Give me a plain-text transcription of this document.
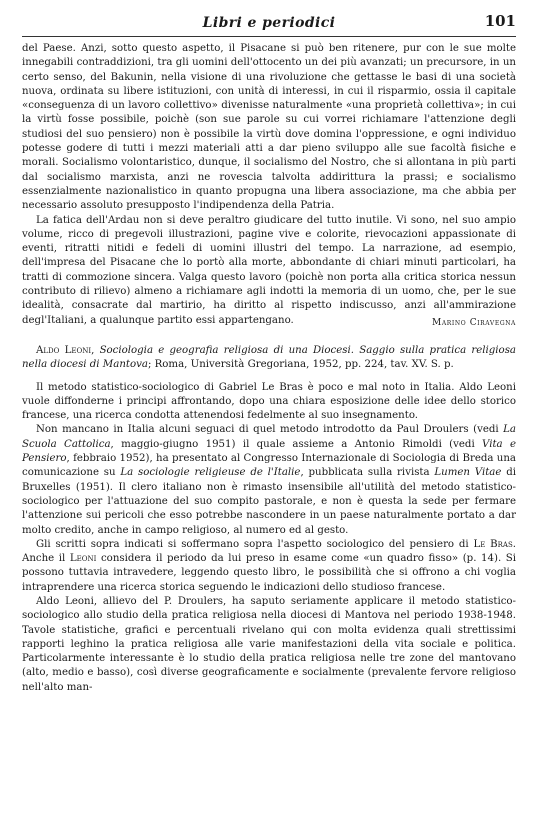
Libri e periodici	101

del Paese. Anzi, sotto questo aspetto, il Pisacane si può ben ritenere, pur con le sue molte innegabili contraddizioni, tra gli uomini dell'ottocento un dei più avanzati; un precursore, in un certo senso, del Bakunin, nella visione di una rivoluzione che gettasse le basi di una società nuova, ordinata su libere istituzioni, con unità di interessi, in cui il risparmio, ossia il capitale «conseguenza di un lavoro collettivo» divenisse naturalmente «una proprietà collettiva»; in cui la virtù fosse possibile, poichè (son sue parole su cui vorrei richiamare l'attenzione degli studiosi del suo pensiero) non è possibile la virtù dove domina l'oppressione, e ogni individuo potesse godere di tutti i mezzi materiali atti a dar pieno sviluppo alle sue facoltà fisiche e morali. Socialismo volontaristico, dunque, il socialismo del Nostro, che si allontana in più parti dal socialismo marxista, anzi ne rovescia talvolta addirittura la prassi; e socialismo essenzialmente nazionalistico in quanto propugna una libera associazione, ma che abbia per necessario assoluto presupposto l'indipendenza della Patria.

La fatica dell'Ardau non si deve peraltro giudicare del tutto inutile. Vi sono, nel suo ampio volume, ricco di pregevoli illustrazioni, pagine vive e colorite, rievocazioni appassionate di eventi, ritratti nitidi e fedeli di uomini illustri del tempo. La narrazione, ad esempio, dell'impresa del Pisacane che lo portò alla morte, abbondante di chiari minuti particolari, ha tratti di commozione sincera. Valga questo lavoro (poichè non porta alla critica storica nessun contributo di rilievo) almeno a richiamare agli indotti la memoria di un uomo, che, per le sue idealità, consacrate dal martirio, ha diritto al rispetto indiscusso, anzi all'ammirazione degl'Italiani, a qualunque partito essi appartengano.	Marino Ciravegna

Aldo Leoni, Sociologia e geografia religiosa di una Diocesi. Saggio sulla pratica religiosa nella diocesi di Mantova; Roma, Università Gregoriana, 1952, pp. 224, tav. XV. S. p.

Il metodo statistico-sociologico di Gabriel Le Bras è poco e mal noto in Italia. Aldo Leoni vuole diffonderne i principi affrontando, dopo una chiara esposizione delle idee dello storico francese, una ricerca condotta attenendosi fedelmente al suo insegnamento.

Non mancano in Italia alcuni seguaci di quel metodo introdotto da Paul Droulers (vedi La Scuola Cattolica, maggio-giugno 1951) il quale assieme a Antonio Rimoldi (vedi Vita e Pensiero, febbraio 1952), ha presentato al Congresso Internazionale di Sociologia di Breda una comunicazione su La sociologie religieuse de l'Italie, pubblicata sulla rivista Lumen Vitae di Bruxelles (1951). Il clero italiano non è rimasto insensibile all'utilità del metodo statistico-sociologico per l'attuazione del suo compito pastorale, e non è questa la sede per fermare l'attenzione sui pericoli che esso potrebbe nascondere in un paese naturalmente portato a dar molto credito, anche in campo religioso, al numero ed al gesto.

Gli scritti sopra indicati si soffermano sopra l'aspetto sociologico del pensiero di Le Bras. Anche il Leoni considera il periodo da lui preso in esame come «un quadro fisso» (p. 14). Si possono tuttavia intravedere, leggendo questo libro, le possibilità che si offrono a chi voglia intraprendere una ricerca storica seguendo le indicazioni dello studioso francese.

Aldo Leoni, allievo del P. Droulers, ha saputo seriamente applicare il metodo statistico-sociologico allo studio della pratica religiosa nella diocesi di Mantova nel periodo 1938-1948. Tavole statistiche, grafici e percentuali rivelano qui con molta evidenza quali strettissimi rapporti leghino la pratica religiosa alle varie manifestazioni della vita sociale e politica. Particolarmente interessante è lo studio della pratica religiosa nelle tre zone del mantovano (alto, medio e basso), così diverse geograficamente e socialmente (prevalente fervore religioso nell'alto man-
